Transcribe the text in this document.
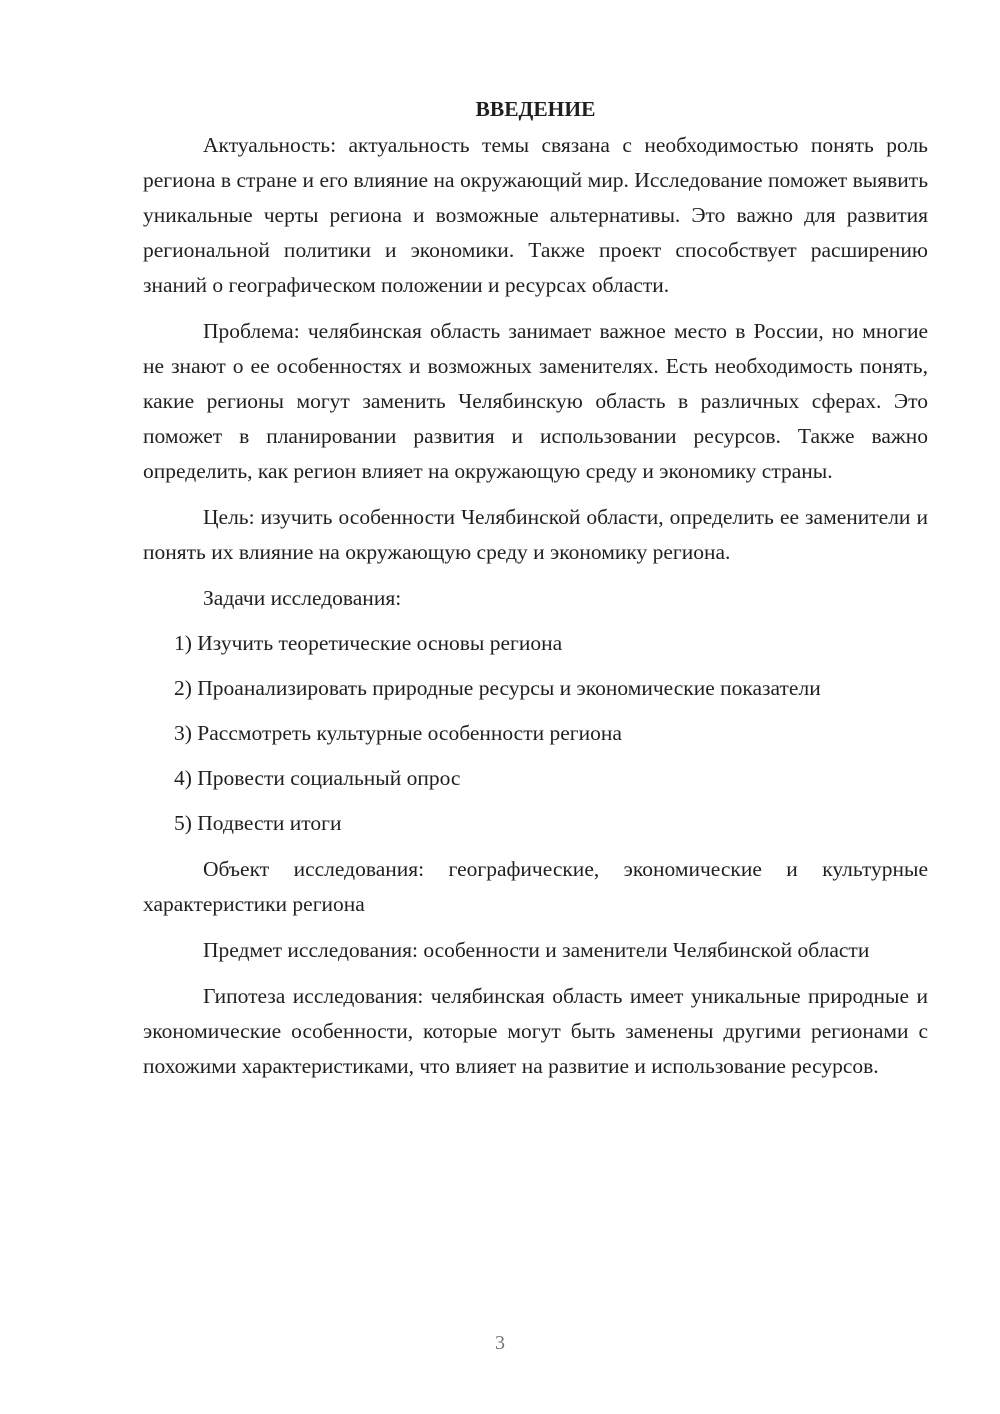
ВВЕДЕНИЕ

Актуальность: актуальность темы связана с необходимостью понять роль региона в стране и его влияние на окружающий мир. Исследование поможет выявить уникальные черты региона и возможные альтернативы. Это важно для развития региональной политики и экономики. Также проект способствует расширению знаний о географическом положении и ресурсах области.

Проблема: челябинская область занимает важное место в России, но многие не знают о ее особенностях и возможных заменителях. Есть необходимость понять, какие регионы могут заменить Челябинскую область в различных сферах. Это поможет в планировании развития и использовании ресурсов. Также важно определить, как регион влияет на окружающую среду и экономику страны.

Цель: изучить особенности Челябинской области, определить ее заменители и понять их влияние на окружающую среду и экономику региона.

Задачи исследования:

1) Изучить теоретические основы региона

2) Проанализировать природные ресурсы и экономические показатели

3) Рассмотреть культурные особенности региона

4) Провести социальный опрос

5) Подвести итоги

Объект исследования: географические, экономические и культурные характеристики региона

Предмет исследования: особенности и заменители Челябинской области

Гипотеза исследования: челябинская область имеет уникальные природные и экономические особенности, которые могут быть заменены другими регионами с похожими характеристиками, что влияет на развитие и использование ресурсов.

3
